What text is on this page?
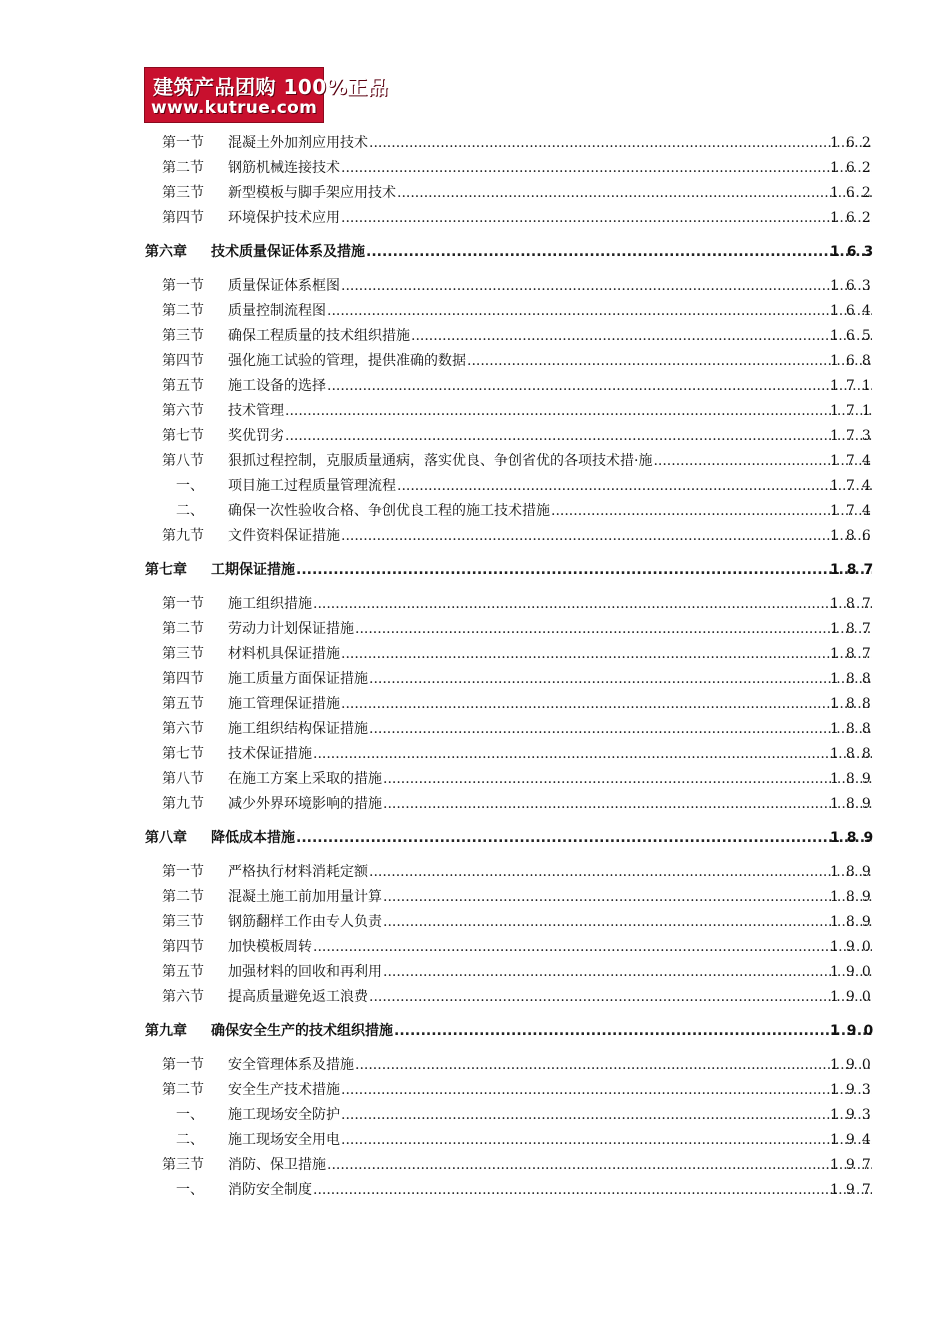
建筑产品团购 100%正品
www.kutrue.com
第一节 混凝土外加剂应用技术 .....	162
第二节 钢筋机械连接技术 .....	162
第三节 新型模板与脚手架应用技术 .....	162
第四节 环境保护技术应用 .....	162
第六章 技术质量保证体系及措施 .....	163
第一节 质量保证体系框图 .....	163
第二节 质量控制流程图 .....	164
第三节 确保工程质量的技术组织措施 .....	165
第四节 强化施工试验的管理，提供准确的数据 .....	168
第五节 施工设备的选择 .....	171
第六节 技术管理 .....	171
第七节 奖优罚劣 .....	173
第八节 狠抓过程控制，克服质量通病，落实优良、争创省优的各项技术措·施 .....	174
一、 项目施工过程质量管理流程 .....	174
二、 确保一次性验收合格、争创优良工程的施工技术措施 .....	174
第九节 文件资料保证措施 .....	186
第七章 工期保证措施 .....	187
第一节 施工组织措施 .....	187
第二节 劳动力计划保证措施 .....	187
第三节 材料机具保证措施 .....	187
第四节 施工质量方面保证措施 .....	188
第五节 施工管理保证措施 .....	188
第六节 施工组织结构保证措施 .....	188
第七节 技术保证措施 .....	188
第八节 在施工方案上采取的措施 .....	189
第九节 减少外界环境影响的措施 .....	189
第八章 降低成本措施 .....	189
第一节 严格执行材料消耗定额 .....	189
第二节 混凝土施工前加用量计算 .....	189
第三节 钢筋翻样工作由专人负责 .....	189
第四节 加快模板周转 .....	190
第五节 加强材料的回收和再利用 .....	190
第六节 提高质量避免返工浪费 .....	190
第九章 确保安全生产的技术组织措施 .....	190
第一节 安全管理体系及措施 .....	190
第二节 安全生产技术措施 .....	193
一、 施工现场安全防护 .....	193
二、 施工现场安全用电 .....	194
第三节 消防、保卫措施 .....	197
一、 消防安全制度 .....	197
